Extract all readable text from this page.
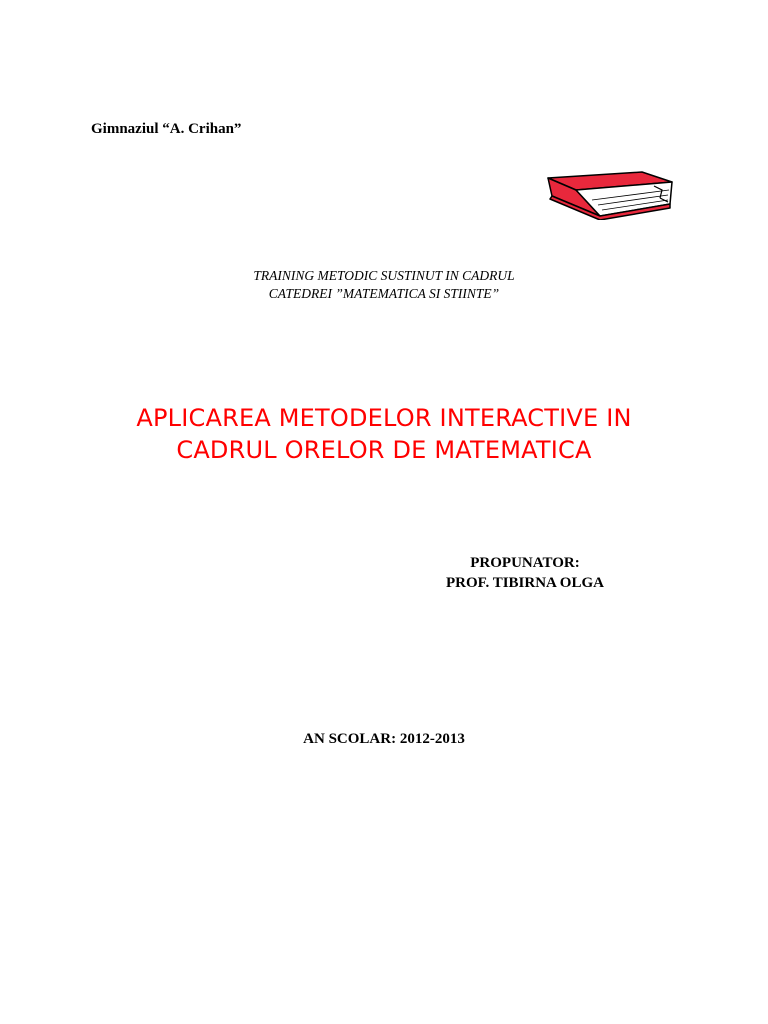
Gimnaziul “A. Crihan”
TRAINING METODIC SUSTINUT IN CADRUL
CATEDREI ”MATEMATICA SI STIINTE”
APLICAREA METODELOR INTERACTIVE IN
CADRUL ORELOR DE MATEMATICA
PROPUNATOR:
PROF. TIBIRNA OLGA
AN SCOLAR: 2012-2013
